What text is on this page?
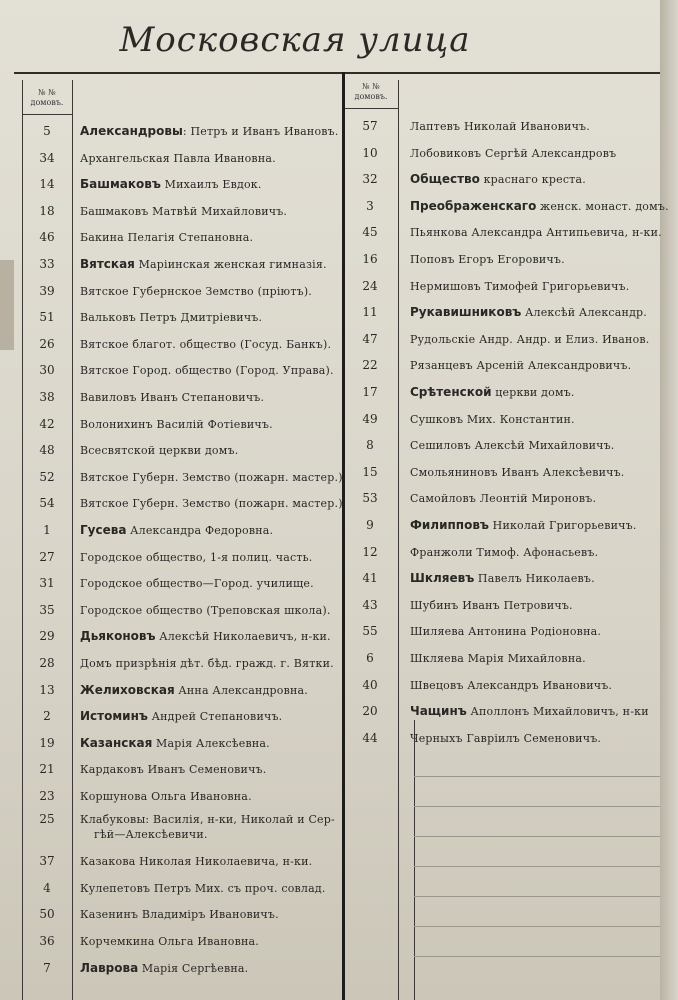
Московская улица
№ №
домовъ.
№ №
домовъ.
5	Александровы: Петръ и Иванъ Ивановъ.
34	Архангельская Павла Ивановна.
14	Башмаковъ Михаилъ Евдок.
18	Башмаковъ Матвѣй Михайловичъ.
46	Бакина Пелагія Степановна.
33	Вятская Маріинская женская гимназія.
39	Вятское Губернское Земство (пріютъ).
51	Вальковъ Петръ Дмитріевичъ.
26	Вятское благот. общество (Госуд. Банкъ).
30	Вятское Город. общество (Город. Управа).
38	Вавиловъ Иванъ Степановичъ.
42	Волонихинъ Василій Фотіевичъ.
48	Всесвятской церкви домъ.
52	Вятское Губерн. Земство (пожарн. мастер.)
54	Вятское Губерн. Земство (пожарн. мастер.)
1	Гусева Александра Федоровна.
27	Городское общество, 1-я полиц. часть.
31	Городское общество—Город. училище.
35	Городское общество (Треповская школа).
29	Дьяконовъ Алексѣй Николаевичъ, н-ки.
28	Домъ призрѣнія дѣт. бѣд. гражд. г. Вятки.
13	Желиховская Анна Александровна.
2	Истоминъ Андрей Степановичъ.
19	Казанская Марія Алексѣевна.
21	Кардаковъ Иванъ Семеновичъ.
23	Коршунова Ольга Ивановна.
25	Клабуковы: Василія, н-ки, Николай и Сер-
гѣй—Алексѣевичи.
37	Казакова Николая Николаевича, н-ки.
4	Кулепетовъ Петръ Мих. съ проч. совлад.
50	Казенинъ Владиміръ Ивановичъ.
36	Корчемкина Ольга Ивановна.
7	Лаврова Марія Сергѣевна.
57	Лаптевъ Николай Ивановичъ.
10	Лобовиковъ Сергѣй Александровъ
32	Общество краснаго креста.
3	Преображенскаго женск. монаст. домъ.
45	Пьянкова Александра Антипьевича, н-ки.
16	Поповъ Егоръ Егоровичъ.
24	Нермишовъ Тимофей Григорьевичъ.
11	Рукавишниковъ Алексѣй Александр.
47	Рудольскіе Андр. Андр. и Елиз. Иванов.
22	Рязанцевъ Арсеній Александровичъ.
17	Срѣтенской церкви домъ.
49	Сушковъ Мих. Константин.
8	Сешиловъ Алексѣй Михайловичъ.
15	Смольяниновъ Иванъ Алексѣевичъ.
53	Самойловъ Леонтій Мироновъ.
9	Филипповъ Николай Григорьевичъ.
12	Франжоли Тимоф. Афонасьевъ.
41	Шкляевъ Павелъ Николаевъ.
43	Шубинъ Иванъ Петровичъ.
55	Шиляева Антонина Родіоновна.
6	Шкляева Марія Михайловна.
40	Швецовъ Александръ Ивановичъ.
20	Чащинъ Аполлонъ Михайловичъ, н-ки
44	Черныхъ Гавріилъ Семеновичъ.
